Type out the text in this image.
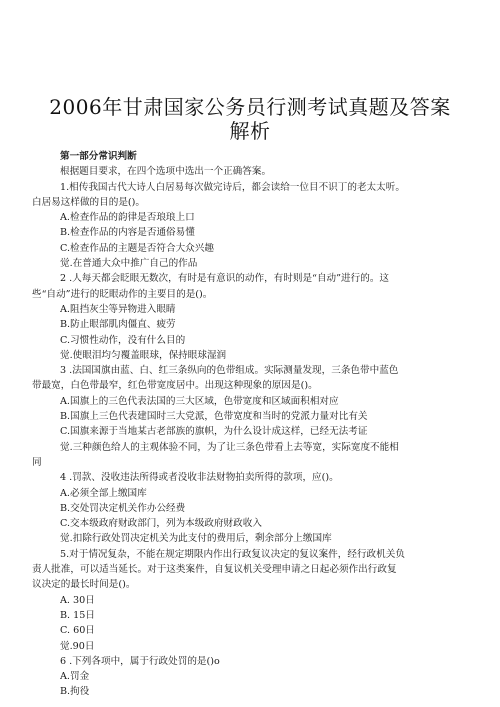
2006年甘肃国家公务员行测考试真题及答案
解析
第一部分常识判断
根据题目要求，在四个选项中选出一个正确答案。
1.相传我国古代大诗人白居易每次做完诗后，都会读给一位目不识丁的老太太听。
白居易这样做的目的是()。
A.检查作品的韵律是否琅琅上口
B.检查作品的内容是否通俗易懂
C.检查作品的主题是否符合大众兴趣
觉.在普通大众中推广自己的作品
2 .人每天都会眨眼无数次，有时是有意识的动作，有时则是“自动”进行的。这
些“自动”进行的眨眼动作的主要目的是()。
A.阻挡灰尘等异物进入眼睛
B.防止眼部肌肉僵直、疲劳
C.习惯性动作，没有什么目的
觉.使眼泪均匀覆盖眼球，保持眼球湿润
3 .法国国旗由蓝、白、红三条纵向的色带组成。实际测量发现，三条色带中蓝色
带最宽，白色带最窄，红色带宽度居中。出现这种现象的原因是()。
A.国旗上的三色代表法国的三大区域，色带宽度和区域面积相对应
B.国旗上三色代表建国时三大党派，色带宽度和当时的党派力量对比有关
C.国旗来源于当地某古老部族的旗帜，为什么设计成这样，已经无法考证
觉.三种颜色给人的主观体验不同，为了让三条色带看上去等宽，实际宽度不能相
同
4 .罚款、没收违法所得或者没收非法财物拍卖所得的款项，应()。
A.必须全部上缴国库
B.交处罚决定机关作办公经费
C.交本级政府财政部门，列为本级政府财政收入
觉.扣除行政处罚决定机关为此支付的费用后，剩余部分上缴国库
5.对于情况复杂，不能在规定期限内作出行政复议决定的复议案件，经行政机关负
责人批准，可以适当延长。对于这类案件，自复议机关受理申请之日起必须作出行政复
议决定的最长时间是()。
A. 30日
B. 15日
C. 60日
觉.90日
6 .下列各项中，属于行政处罚的是()o
A.罚金
B.拘役
